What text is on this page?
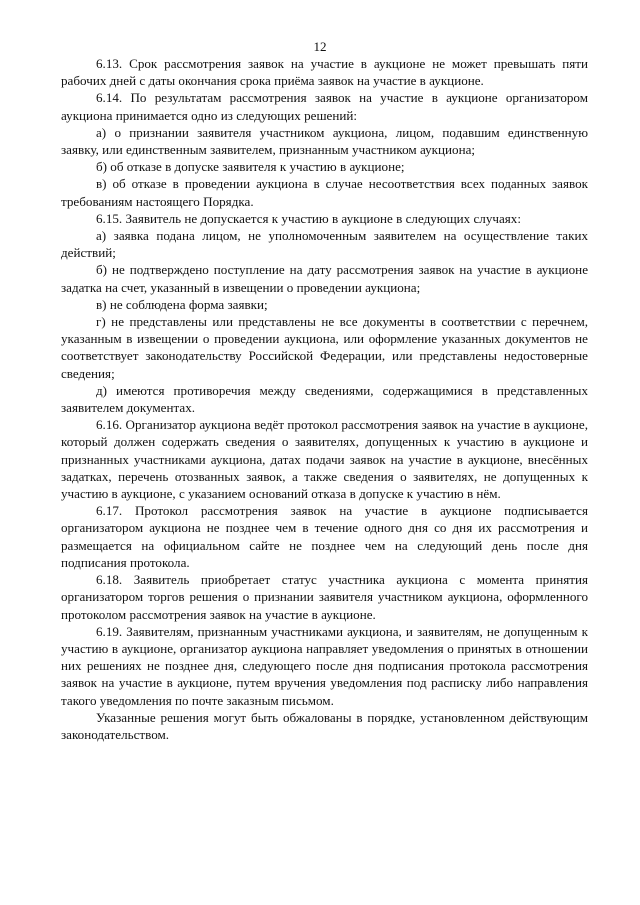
12

6.13. Срок рассмотрения заявок на участие в аукционе не может превышать пяти рабочих дней с даты окончания срока приёма заявок на участие в аукционе.

6.14. По результатам рассмотрения заявок на участие в аукционе организатором аукциона принимается одно из следующих решений:

а) о признании заявителя участником аукциона, лицом, подавшим единственную заявку, или единственным заявителем, признанным участником аукциона;

б) об отказе в допуске заявителя к участию в аукционе;

в) об отказе в проведении аукциона в случае несоответствия всех поданных заявок требованиям настоящего Порядка.

6.15. Заявитель не допускается к участию в аукционе в следующих случаях:

а) заявка подана лицом, не уполномоченным заявителем на осуществление таких действий;

б) не подтверждено поступление на дату рассмотрения заявок на участие в аукционе задатка на счет, указанный в извещении о проведении аукциона;

в) не соблюдена форма заявки;

г) не представлены или представлены не все документы в соответствии с перечнем, указанным в извещении о проведении аукциона, или оформление указанных документов не соответствует законодательству Российской Федерации, или представлены недостоверные сведения;

д) имеются противоречия между сведениями, содержащимися в представленных заявителем документах.

6.16. Организатор аукциона ведёт протокол рассмотрения заявок на участие в аукционе, который должен содержать сведения о заявителях, допущенных к участию в аукционе и признанных участниками аукциона, датах подачи заявок на участие в аукционе, внесённых задатках, перечень отозванных заявок, а также сведения о заявителях, не допущенных к участию в аукционе, с указанием оснований отказа в допуске к участию в нём.

6.17. Протокол рассмотрения заявок на участие в аукционе подписывается организатором аукциона не позднее чем в течение одного дня со дня их рассмотрения и размещается на официальном сайте не позднее чем на следующий день после дня подписания протокола.

6.18. Заявитель приобретает статус участника аукциона с момента принятия организатором торгов решения о признании заявителя участником аукциона, оформленного протоколом рассмотрения заявок на участие в аукционе.

6.19. Заявителям, признанным участниками аукциона, и заявителям, не допущенным к участию в аукционе, организатор аукциона направляет уведомления о принятых в отношении них решениях не позднее дня, следующего после дня подписания протокола рассмотрения заявок на участие в аукционе, путем вручения уведомления под расписку либо направления такого уведомления по почте заказным письмом.

Указанные решения могут быть обжалованы в порядке, установленном действующим законодательством.
